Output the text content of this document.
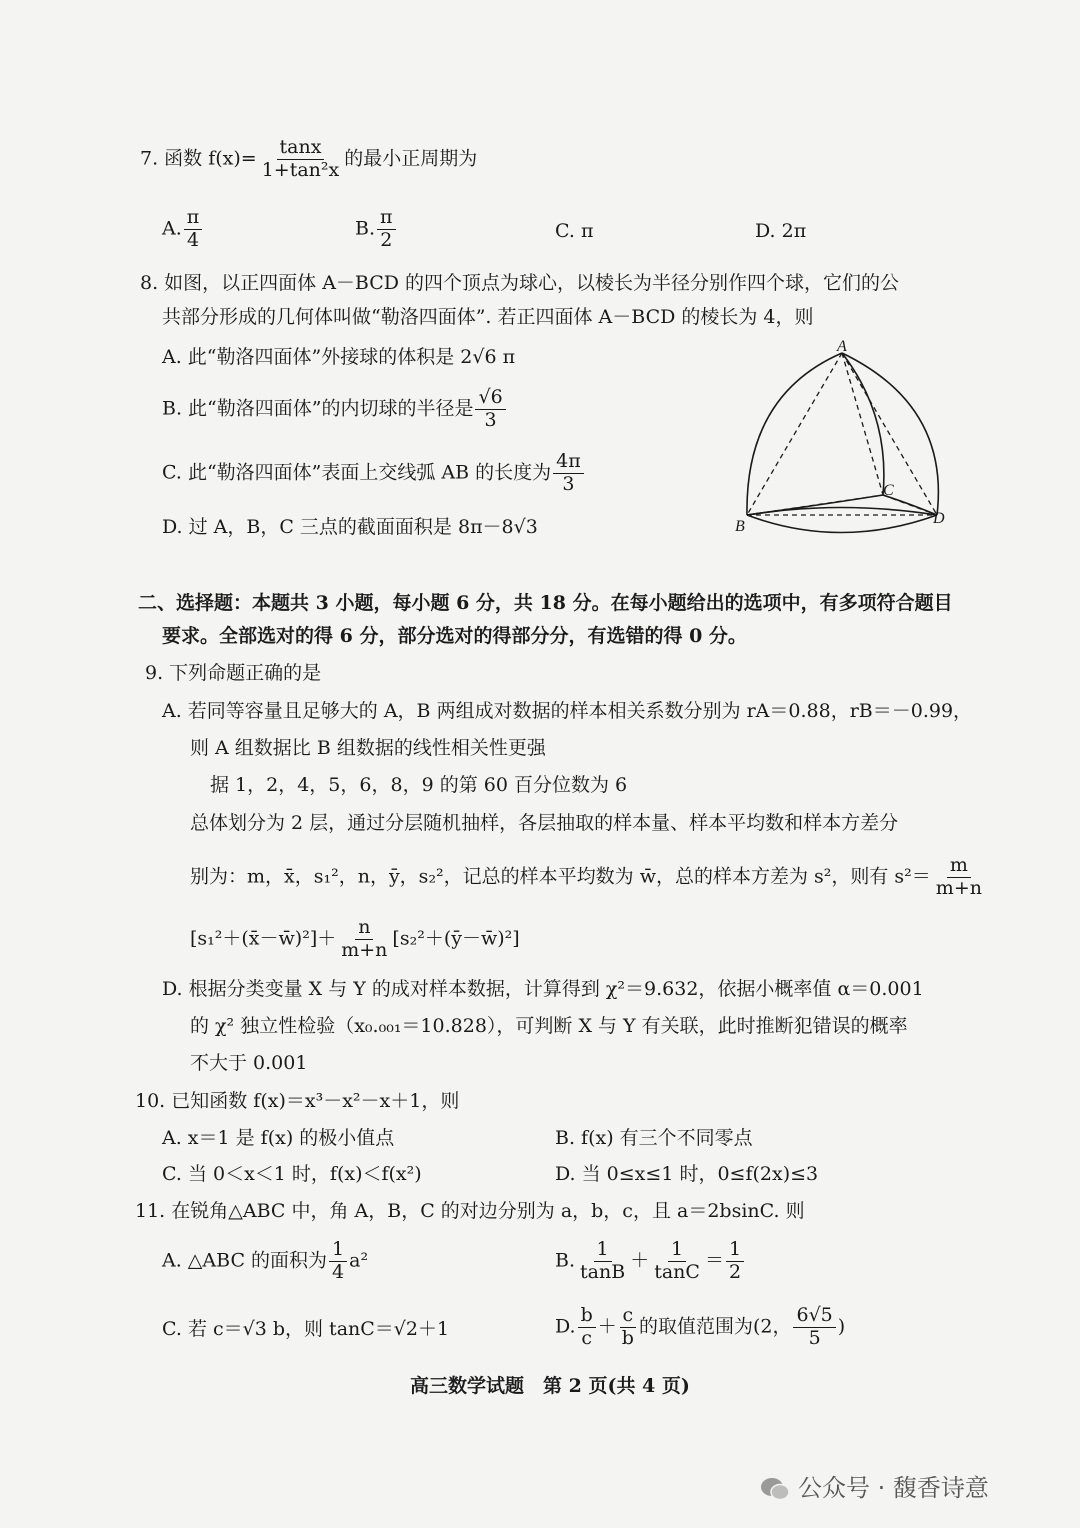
7. 函数 $f(x)= \frac{\tan x}{\text{1+tan²x}}$ 的最小正周期为
A. $\frac{\pi}{4}$	B. $\frac{\pi}{2}$	C. π	D. 2π
8. 如图，以正四面体 A－BCD 的四个顶点为球心，以棱长为半径分别作四个球，它们的公
共部分形成的几何体叫做“勒洛四面体”. 若正四面体 A－BCD 的棱长为 4，则
A. 此“勒洛四面体”外接球的体积是 2√6 π
B. 此“勒洛四面体”的内切球的半径是 $\frac{√6}{3}$
C. 此“勒洛四面体”表面上交线弧 AB 的长度为 $\frac{4\pi}{3}$
D. 过 A，B，C 三点的截面面积是 8π－8√3
A
B
C
D
二、选择题：本题共 3 小题，每小题 6 分，共 18 分。在每小题给出的选项中，有多项符合题目
要求。全部选对的得 6 分，部分选对的得部分分，有选错的得 0 分。
9. 下列命题正确的是
A. 若同等容量且足够大的 A，B 两组成对数据的样本相关系数分别为 rA＝0.88，rB＝－0.99，
则 A 组数据比 B 组数据的线性相关性更强
据 1，2，4，5，6，8，9 的第 60 百分位数为 6
总体划分为 2 层，通过分层随机抽样，各层抽取的样本量、样本平均数和样本方差分
别为：m，x̄，s₁²，n，ȳ，s₂²，记总的样本平均数为 w̄，总的样本方差为 s²，则有 $s^2= \frac{m}{m+n}$
[s₁²＋(x̄－w̄)²]＋ $\frac{n}{m+n}$ [s₂²＋(ȳ－w̄)²]
D. 根据分类变量 X 与 Y 的成对样本数据，计算得到 χ²＝9.632，依据小概率值 α＝0.001
的 χ² 独立性检验（x₀.₀₀₁＝10.828），可判断 X 与 Y 有关联，此时推断犯错误的概率
不大于 0.001
10. 已知函数 f(x)＝x³－x²－x＋1，则
A. x＝1 是 f(x) 的极小值点	B. f(x) 有三个不同零点
C. 当 0＜x＜1 时，f(x)＜f(x²)	D. 当 0≤x≤1 时，0≤f(2x)≤3
11. 在锐角△ABC 中，角 A，B，C 的对边分别为 a，b，c，且 a＝2bsinC. 则
A. △ABC 的面积为 $\frac{1}{4} a^2$	B. $\frac{1}{\tan B} + \frac{1}{\tan C} = \frac{1}{2}$
C. 若 c＝√3 b，则 tanC＝√2＋1	D. $\frac{b}{c} + \frac{c}{b}$ 的取值范围为(2， $\frac{6√5}{5}$ )
高三数学试题　第 2 页(共 4 页)
公众号 · 馥香诗意
